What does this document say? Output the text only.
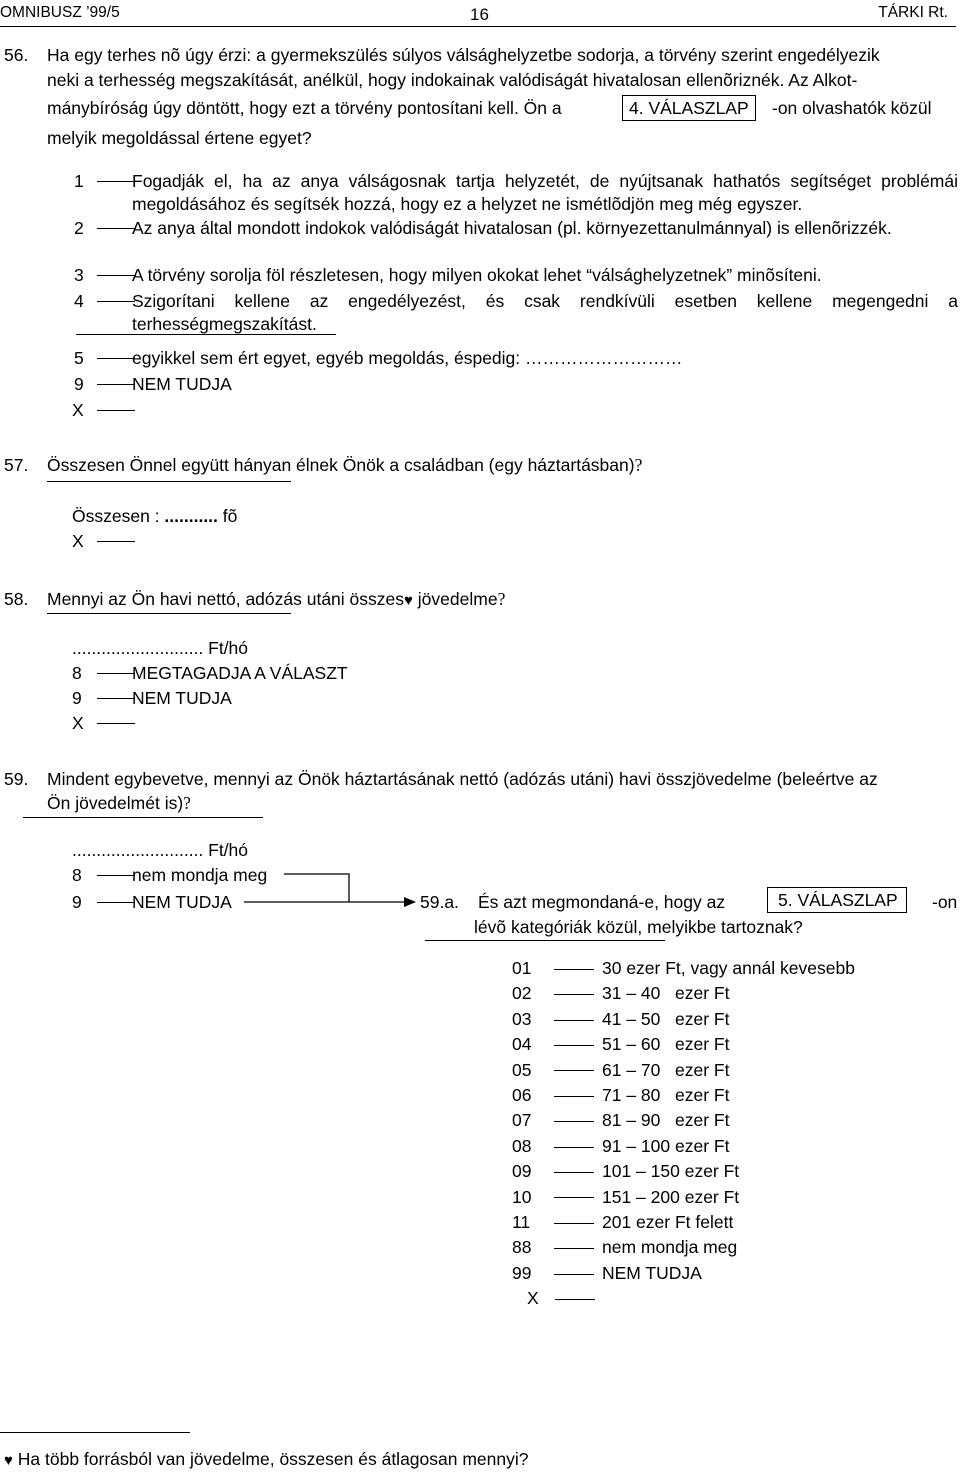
OMNIBUSZ ’99/5	16	TÁRKI Rt.
56. Ha egy terhes nõ úgy érzi: a gyermekszülés súlyos válsághelyzetbe sodorja, a törvény szerint engedélyezik
neki a terhesség megszakítását, anélkül, hogy indokainak valódiságát hivatalosan ellenõriznék. Az Alkot-
mánybíróság úgy döntött, hogy ezt a törvény pontosítani kell. Ön a	4. VÁLASZLAP	-on olvashatók közül
melyik megoldással értene egyet?
1	Fogadják el, ha az anya válságosnak tartja helyzetét, de nyújtsanak hathatós segítséget problémái megoldásához és segítsék hozzá, hogy ez a helyzet ne ismétlõdjön meg még egyszer.
2	Az anya által mondott indokok valódiságát hivatalosan (pl. környezettanulmánnyal) is ellenõrizzék.
3	A törvény sorolja föl részletesen, hogy milyen okokat lehet “válsághelyzetnek” minõsíteni.
4	Szigorítani kellene az engedélyezést, és csak rendkívüli esetben kellene megengedni a terhességmegszakítást.
5	egyikkel sem ért egyet, egyéb megoldás, éspedig: ………………………
9	NEM TUDJA
X
57. Összesen Önnel együtt hányan élnek Önök a családban (egy háztartásban)?
Összesen : ........... fõ
X
58. Mennyi az Ön havi nettó, adózás utáni összes♥ jövedelme?
........................... Ft/hó
8	MEGTAGADJA A VÁLASZT
9	NEM TUDJA
X
59. Mindent egybevetve, mennyi az Önök háztartásának nettó (adózás utáni) havi összjövedelme (beleértve az
Ön jövedelmét is)?
........................... Ft/hó
8	nem mondja meg
9	NEM TUDJA	59.a. És azt megmondaná-e, hogy az	5. VÁLASZLAP	-on
lévõ kategóriák közül, melyikbe tartoznak?
01	30 ezer Ft, vagy annál kevesebb
02	31 – 40   ezer Ft
03	41 – 50   ezer Ft
04	51 – 60   ezer Ft
05	61 – 70   ezer Ft
06	71 – 80   ezer Ft
07	81 – 90   ezer Ft
08	91 – 100 ezer Ft
09	101 – 150 ezer Ft
10	151 – 200 ezer Ft
11	201 ezer Ft felett
88	nem mondja meg
99	NEM TUDJA
X
♥ Ha több forrásból van jövedelme, összesen és átlagosan mennyi?
